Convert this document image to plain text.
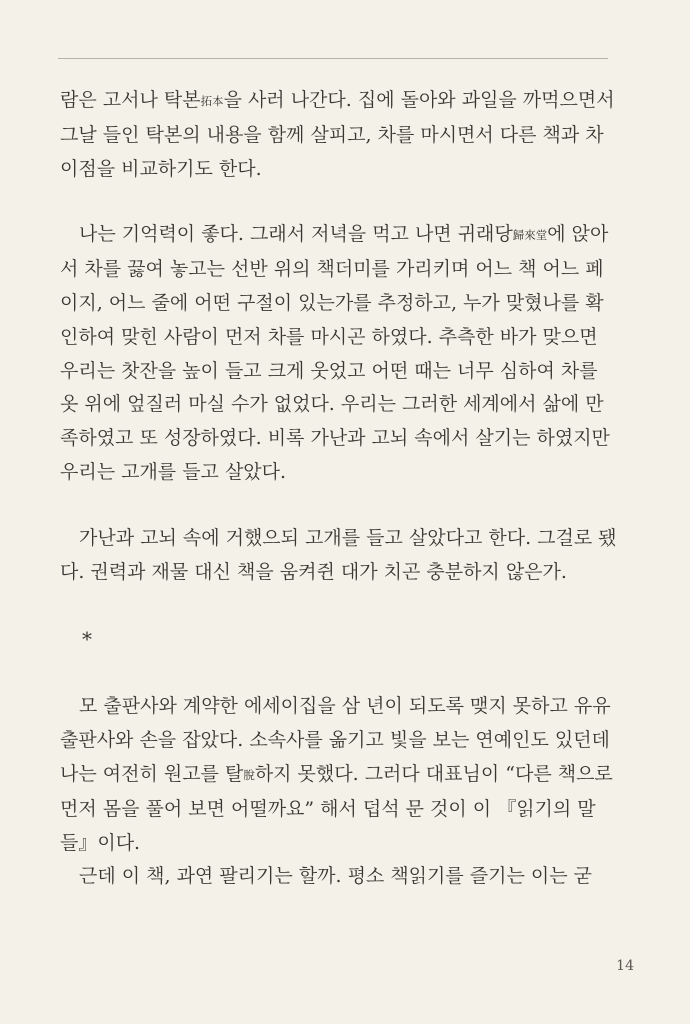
람은 고서나 탁본拓本을 사러 나간다. 집에 돌아와 과일을 까먹으면서 그날 들인 탁본의 내용을 함께 살피고, 차를 마시면서 다른 책과 차이점을 비교하기도 한다.

나는 기억력이 좋다. 그래서 저녁을 먹고 나면 귀래당歸來堂에 앉아서 차를 끓여 놓고는 선반 위의 책더미를 가리키며 어느 책 어느 페이지, 어느 줄에 어떤 구절이 있는가를 추정하고, 누가 맞혔나를 확인하여 맞힌 사람이 먼저 차를 마시곤 하였다. 추측한 바가 맞으면 우리는 찻잔을 높이 들고 크게 웃었고 어떤 때는 너무 심하여 차를 옷 위에 엎질러 마실 수가 없었다. 우리는 그러한 세계에서 삶에 만족하였고 또 성장하였다. 비록 가난과 고뇌 속에서 살기는 하였지만 우리는 고개를 들고 살았다.

가난과 고뇌 속에 거했으되 고개를 들고 살았다고 한다. 그걸로 됐다. 권력과 재물 대신 책을 움켜쥔 대가 치곤 충분하지 않은가.

*

모 출판사와 계약한 에세이집을 삼 년이 되도록 맺지 못하고 유유출판사와 손을 잡았다. 소속사를 옮기고 빛을 보는 연예인도 있던데 나는 여전히 원고를 탈脫하지 못했다. 그러다 대표님이 “다른 책으로 먼저 몸을 풀어 보면 어떨까요” 해서 덥석 문 것이 이 『읽기의 말들』이다.

근데 이 책, 과연 팔리기는 할까. 평소 책읽기를 즐기는 이는 굳

14
